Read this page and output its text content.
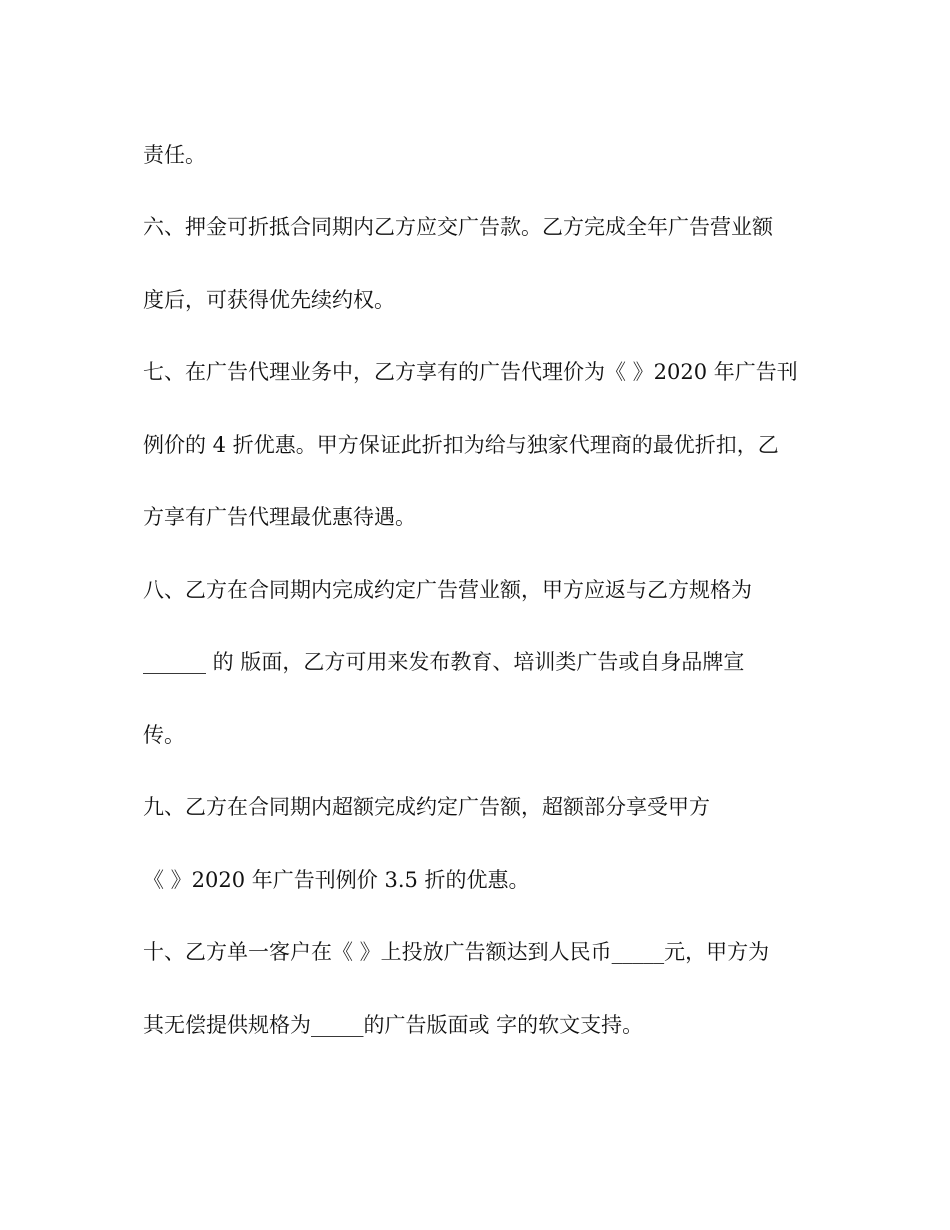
责任。
六、押金可折抵合同期内乙方应交广告款。乙方完成全年广告营业额
度后，可获得优先续约权。
七、在广告代理业务中，乙方享有的广告代理价为《 》2020 年广告刊
例价的 4 折优惠。甲方保证此折扣为给与独家代理商的最优折扣，乙
方享有广告代理最优惠待遇。
八、乙方在合同期内完成约定广告营业额，甲方应返与乙方规格为
______ 的 版面，乙方可用来发布教育、培训类广告或自身品牌宣
传。
九、乙方在合同期内超额完成约定广告额，超额部分享受甲方
《 》2020 年广告刊例价 3.5 折的优惠。
十、乙方单一客户在《 》上投放广告额达到人民币_____元，甲方为
其无偿提供规格为_____的广告版面或 字的软文支持。
